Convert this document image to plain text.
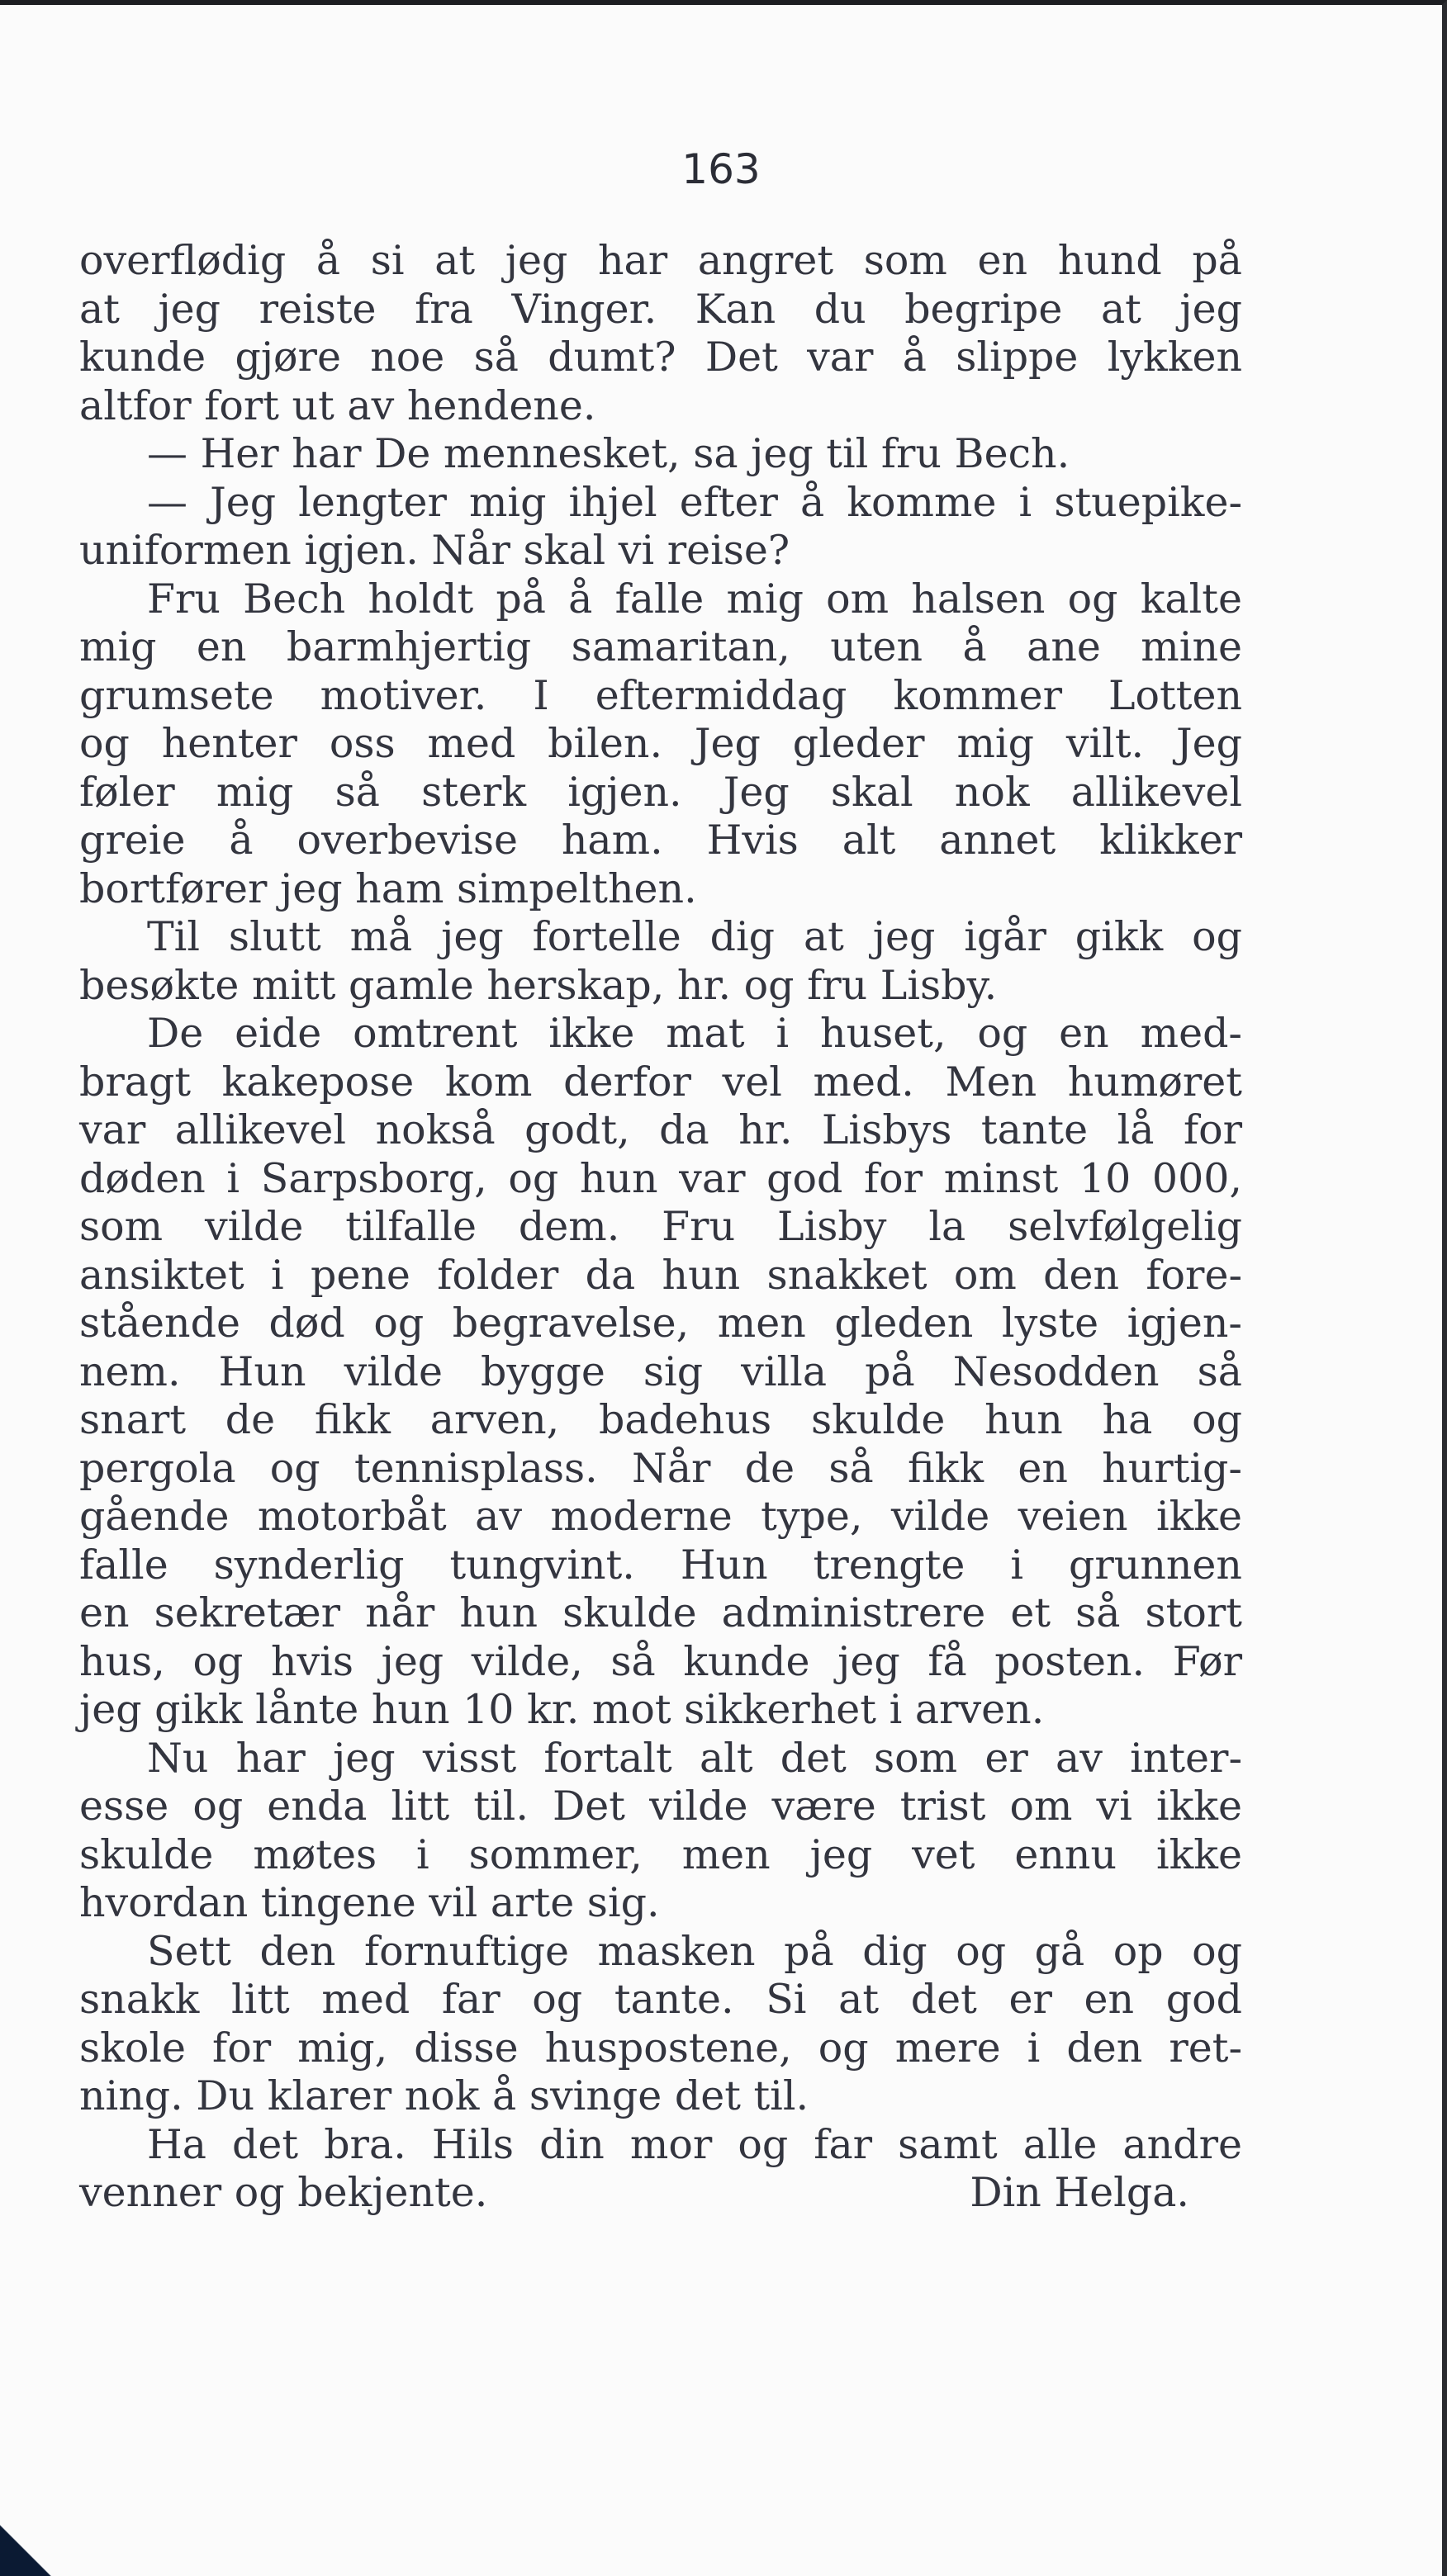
163
overflødig å si at jeg har angret som en hund på
at jeg reiste fra Vinger. Kan du begripe at jeg
kunde gjøre noe så dumt? Det var å slippe lykken
altfor fort ut av hendene.
— Her har De mennesket, sa jeg til fru Bech.
— Jeg lengter mig ihjel efter å komme i stuepike-
uniformen igjen. Når skal vi reise?
Fru Bech holdt på å falle mig om halsen og kalte
mig en barmhjertig samaritan, uten å ane mine
grumsete motiver. I eftermiddag kommer Lotten
og henter oss med bilen. Jeg gleder mig vilt. Jeg
føler mig så sterk igjen. Jeg skal nok allikevel
greie å overbevise ham. Hvis alt annet klikker
bortfører jeg ham simpelthen.
Til slutt må jeg fortelle dig at jeg igår gikk og
besøkte mitt gamle herskap, hr. og fru Lisby.
De eide omtrent ikke mat i huset, og en med-
bragt kakepose kom derfor vel med. Men humøret
var allikevel nokså godt, da hr. Lisbys tante lå for
døden i Sarpsborg, og hun var god for minst 10 000,
som vilde tilfalle dem. Fru Lisby la selvfølgelig
ansiktet i pene folder da hun snakket om den fore-
stående død og begravelse, men gleden lyste igjen-
nem. Hun vilde bygge sig villa på Nesodden så
snart de fikk arven, badehus skulde hun ha og
pergola og tennisplass. Når de så fikk en hurtig-
gående motorbåt av moderne type, vilde veien ikke
falle synderlig tungvint. Hun trengte i grunnen
en sekretær når hun skulde administrere et så stort
hus, og hvis jeg vilde, så kunde jeg få posten. Før
jeg gikk lånte hun 10 kr. mot sikkerhet i arven.
Nu har jeg visst fortalt alt det som er av inter-
esse og enda litt til. Det vilde være trist om vi ikke
skulde møtes i sommer, men jeg vet ennu ikke
hvordan tingene vil arte sig.
Sett den fornuftige masken på dig og gå op og
snakk litt med far og tante. Si at det er en god
skole for mig, disse huspostene, og mere i den ret-
ning. Du klarer nok å svinge det til.
Ha det bra. Hils din mor og far samt alle andre
Din Helga.
venner og bekjente.
